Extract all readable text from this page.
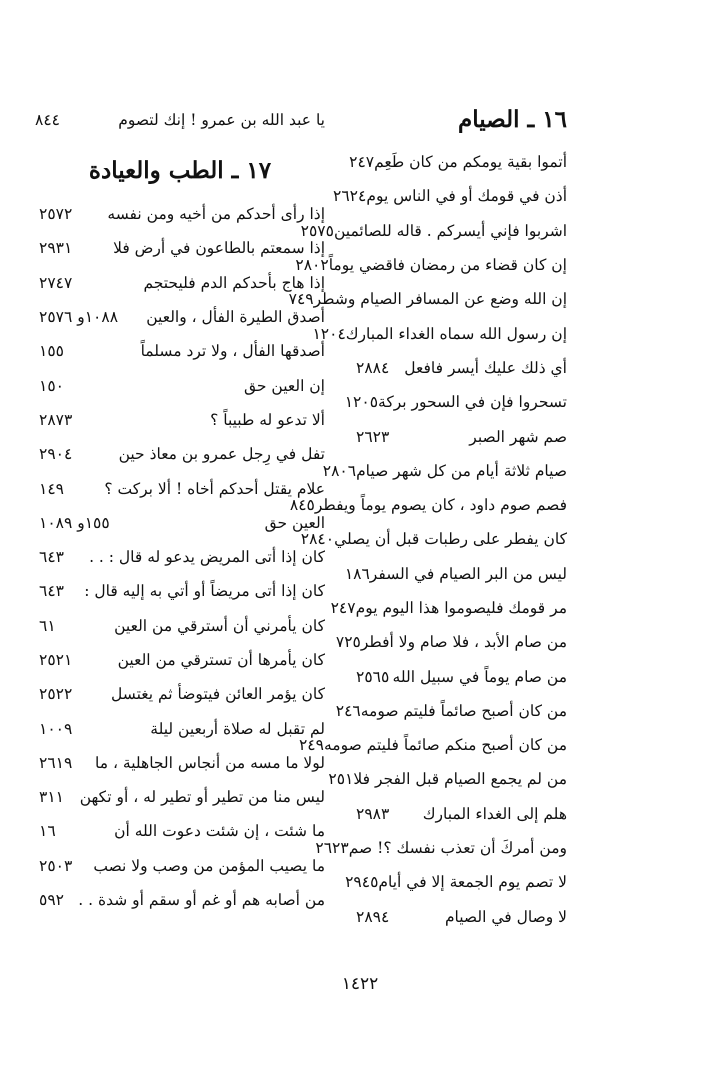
١٦ ـ الصيام
أتموا بقية يومكم من كان طَعِم
٢٤٧
أذن في قومك أو في الناس يوم
٢٦٢٤
اشربوا فإني أيسركم . قاله للصائمين
٢٥٧٥
إن كان قضاء من رمضان فاقضي يوماً
٢٨٠٢
إن الله وضع عن المسافر الصيام وشطر
٧٤٩
إن رسول الله سماه الغداء المبارك
١٢٠٤
أي ذلك عليك أيسر فافعل
٢٨٨٤
تسحروا فإن في السحور بركة
١٢٠٥
صم شهر الصبر
٢٦٢٣
صيام ثلاثة أيام من كل شهر صيام
٢٨٠٦
فصم صوم داود ، كان يصوم يوماً ويفطر
٨٤٥
كان يفطر على رطبات قبل أن يصلي
٢٨٤٠
ليس من البر الصيام في السفر
١٨٦
مر قومك فليصوموا هذا اليوم يوم
٢٤٧
من صام الأبد ، فلا صام ولا أفطر
٧٢٥
من صام يوماً في سبيل الله
٢٥٦٥
من كان أصبح صائماً فليتم صومه
٢٤٦
من كان أصبح منكم صائماً فليتم صومه
٢٤٩
من لم يجمع الصيام قبل الفجر فلا
٢٥١
هلم إلى الغداء المبارك
٢٩٨٣
ومن أمركَ أن تعذب نفسك ؟! صم
٢٦٢٣
لا تصم يوم الجمعة إلا في أيام
٢٩٤٥
لا وصال في الصيام
٢٨٩٤
يا عبد الله بن عمرو ! إنك لتصوم
٨٤٤
١٧ ـ الطب والعيادة
إذا رأى أحدكم من أخيه ومن نفسه
٢٥٧٢
إذا سمعتم بالطاعون في أرض فلا
٢٩٣١
إذا هاج بأحدكم الدم فليحتجم
٢٧٤٧
أصدق الطيرة الفأل ، والعين
١٠٨٨و ٢٥٧٦
أصدقها الفأل ، ولا ترد مسلماً
١٥٥
إن العين حق
١٥٠
ألا تدعو له طبيباً ؟
٢٨٧٣
تفل في رِجل عمرو بن معاذ حين
٢٩٠٤
علام يقتل أحدكم أخاه ! ألا بركت ؟
١٤٩
العين حق
١٥٥و ١٠٨٩
كان إذا أتى المريض يدعو له قال : . .
٦٤٣
كان إذا أتى مريضاً أو أتي به إليه قال :
٦٤٣
كان يأمرني أن أسترقي من العين
٦١
كان يأمرها أن تسترقي من العين
٢٥٢١
كان يؤمر العائن فيتوضأ ثم يغتسل
٢٥٢٢
لم تقبل له صلاة أربعين ليلة
١٠٠٩
لولا ما مسه من أنجاس الجاهلية ، ما
٢٦١٩
ليس منا من تطير أو تطير له ، أو تكهن
٣١١
ما شئت ، إن شئت دعوت الله أن
١٦
ما يصيب المؤمن من وصب ولا نصب
٢٥٠٣
من أصابه هم أو غم أو سقم أو شدة . .
٥٩٢
١٤٢٢
